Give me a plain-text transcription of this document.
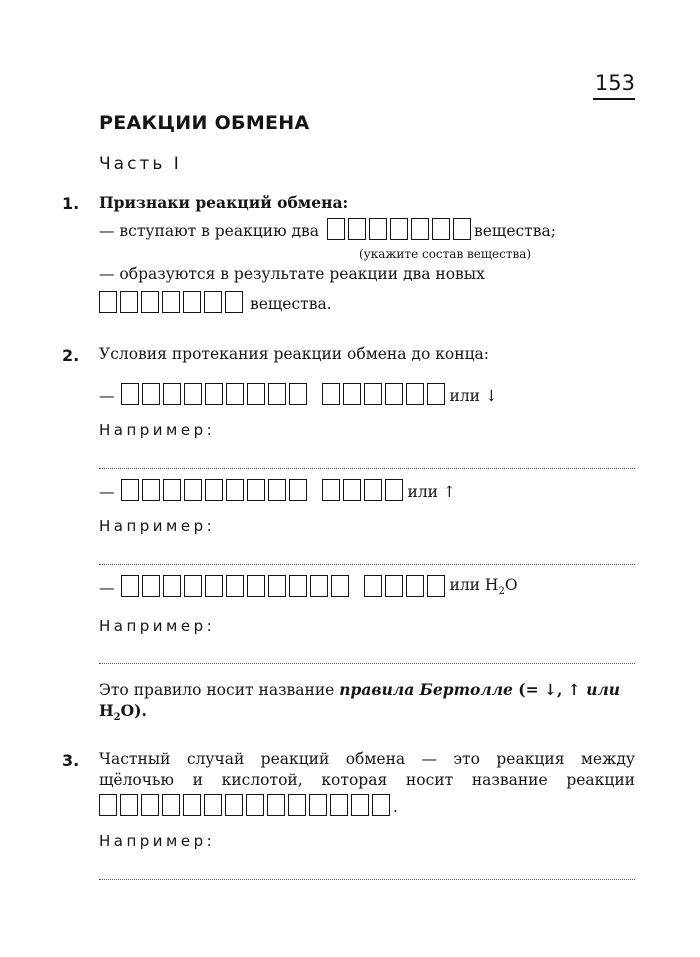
153
РЕАКЦИИ ОБМЕНА
Часть I
1. Признаки реакций обмена:
— вступают в реакцию два	вещества;
(укажите состав вещества)
— образуются в результате реакции два новых
вещества.
2. Условия протекания реакции обмена до конца:
—	или ↓
Например:
—	или ↑
Например:
—	или $H_2O$
Например:
Это правило носит название правила Бертолле (= ↓, ↑ или
$H_2O$).
3. Частный случай реакций обмена — это реакция между
щёлочью и кислотой, которая носит название реакции
.
Например:
